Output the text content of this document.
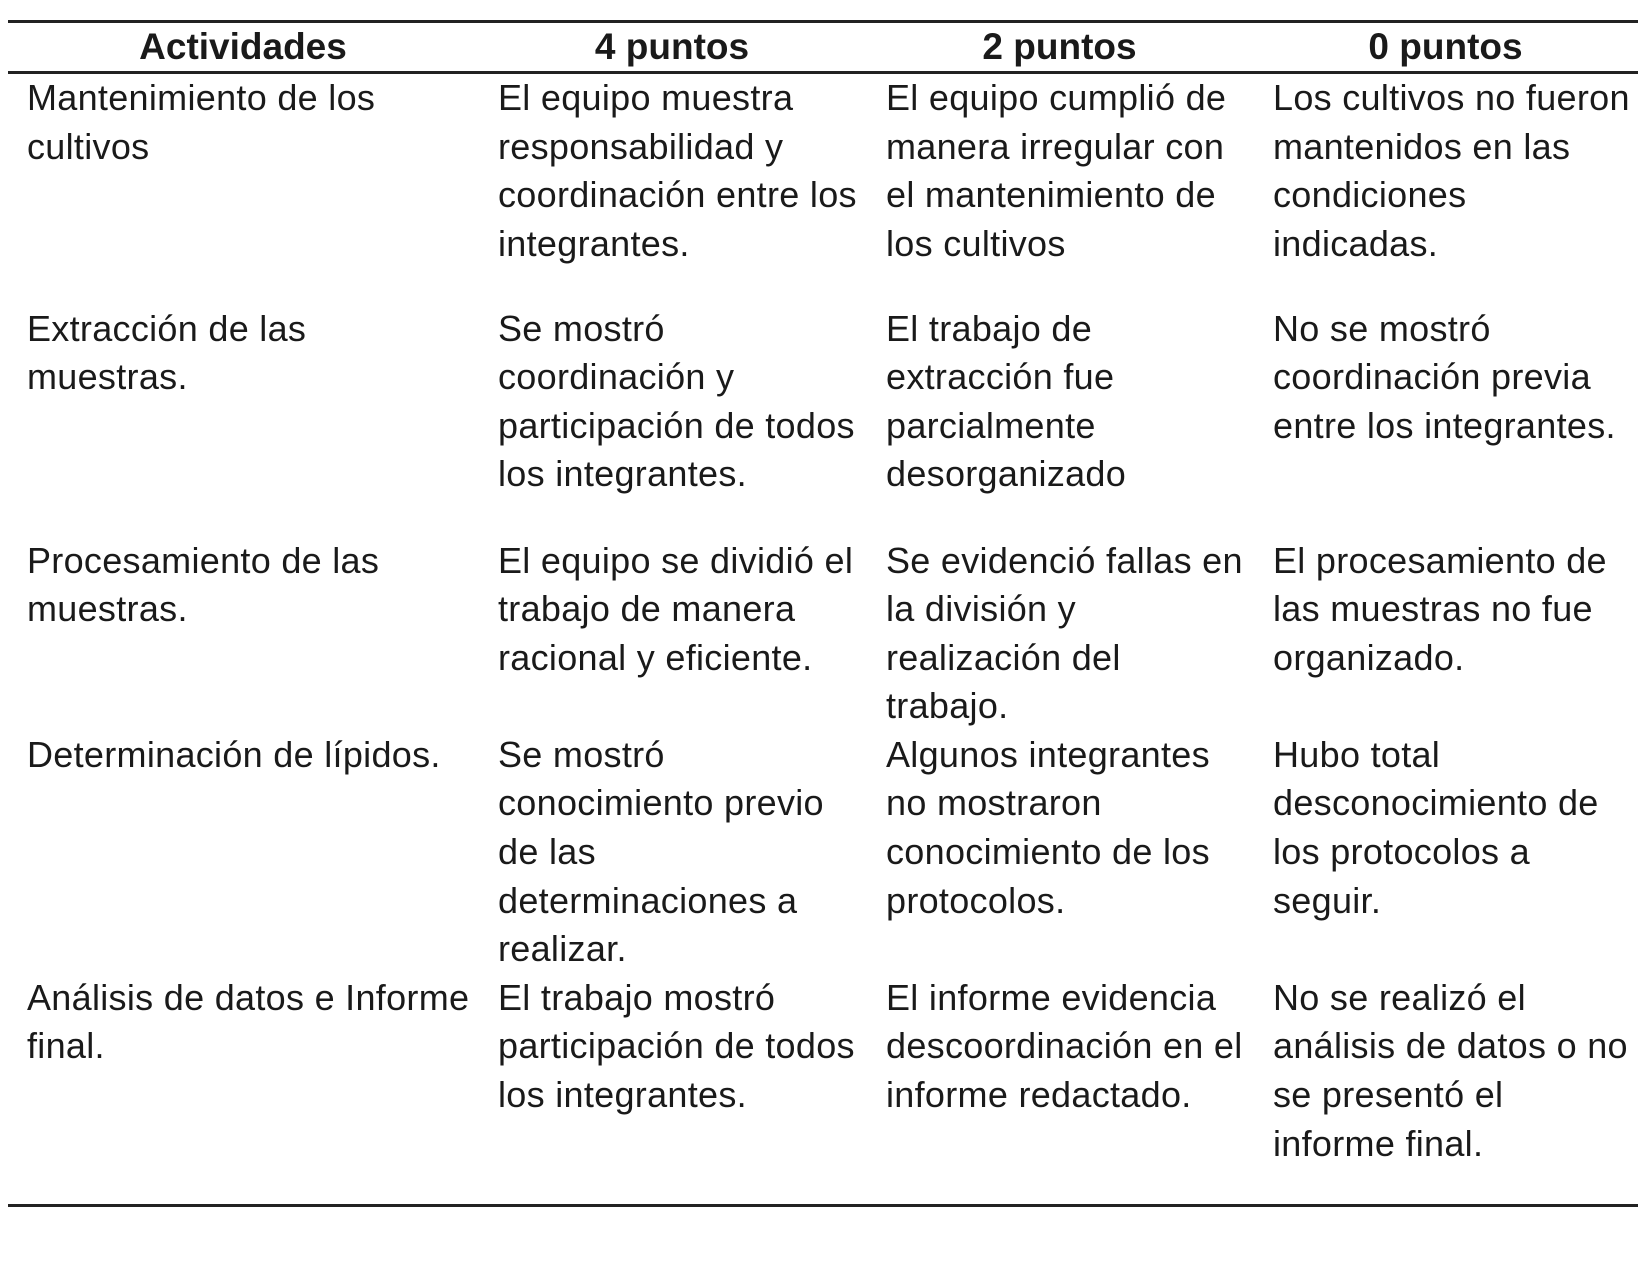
Actividades	4 puntos	2 puntos	0 puntos
Mantenimiento de los cultivos	El equipo muestra responsabilidad y coordinación entre los integrantes.	El equipo cumplió de manera irregular con el mantenimiento de los cultivos	Los cultivos no fueron mantenidos en las condiciones indicadas.
Extracción de las muestras.	Se mostró coordinación y participación de todos los integrantes.	El trabajo de extracción fue parcialmente desorganizado	No se mostró coordinación previa entre los integrantes.
Procesamiento de las muestras.	El equipo se dividió el trabajo de manera racional y eficiente.	Se evidenció fallas en la división y realización del trabajo.	El procesamiento de las muestras no fue organizado.
Determinación de lípidos.	Se mostró conocimiento previo de las determinaciones a realizar.	Algunos integrantes no mostraron conocimiento de los protocolos.	Hubo total desconocimiento de los protocolos a seguir.
Análisis de datos e Informe final.	El trabajo mostró participación de todos los integrantes.	El informe evidencia descoordinación en el informe redactado.	No se realizó el análisis de datos o no se presentó el informe final.
